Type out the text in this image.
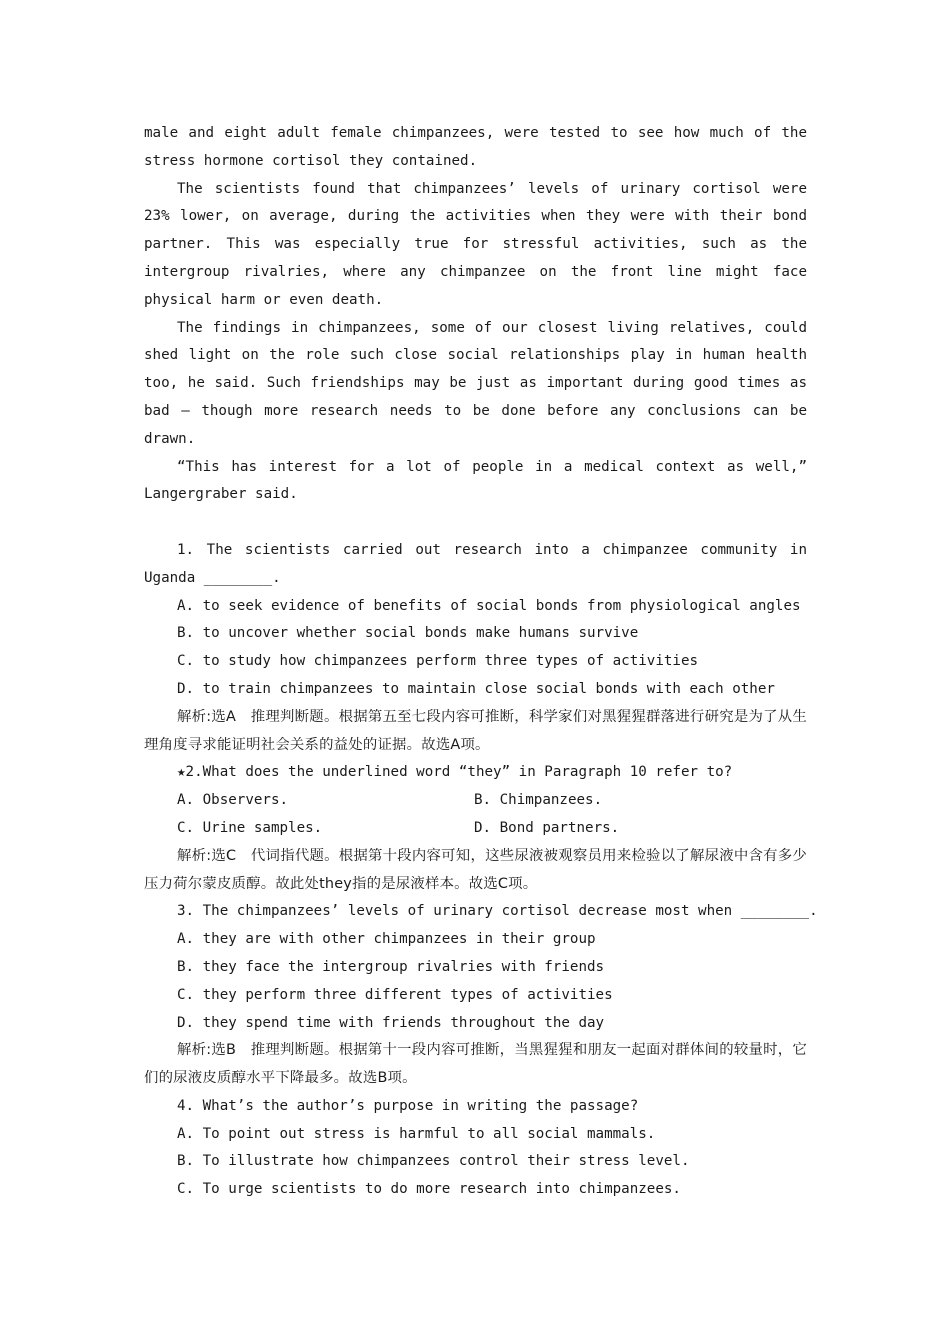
male and eight adult female chimpanzees, were tested to see how much of the stress hormone cortisol they contained.

The scientists found that chimpanzees’ levels of urinary cortisol were 23% lower, on average, during the activities when they were with their bond partner. This was especially true for stressful activities, such as the intergroup rivalries, where any chimpanzee on the front line might face physical harm or even death.

The findings in chimpanzees, some of our closest living relatives, could shed light on the role such close social relationships play in human health too, he said. Such friendships may be just as important during good times as bad — though more research needs to be done before any conclusions can be drawn.

“This has interest for a lot of people in a medical context as well,” Langergraber said.

1. The scientists carried out research into a chimpanzee community in Uganda ________.

A. to seek evidence of benefits of social bonds from physiological angles

B. to uncover whether social bonds make humans survive

C. to study how chimpanzees perform three types of activities

D. to train chimpanzees to maintain close social bonds with each other

解析:选A　推理判断题。根据第五至七段内容可推断，科学家们对黑猩猩群落进行研究是为了从生理角度寻求能证明社会关系的益处的证据。故选A项。

★2.What does the underlined word “they” in Paragraph 10 refer to?

A. Observers.	B. Chimpanzees.
C. Urine samples.	D. Bond partners.

解析:选C　代词指代题。根据第十段内容可知，这些尿液被观察员用来检验以了解尿液中含有多少压力荷尔蒙皮质醇。故此处they指的是尿液样本。故选C项。

3. The chimpanzees’ levels of urinary cortisol decrease most when ________.

A. they are with other chimpanzees in their group

B. they face the intergroup rivalries with friends

C. they perform three different types of activities

D. they spend time with friends throughout the day

解析:选B　推理判断题。根据第十一段内容可推断，当黑猩猩和朋友一起面对群体间的较量时，它们的尿液皮质醇水平下降最多。故选B项。

4. What’s the author’s purpose in writing the passage?

A. To point out stress is harmful to all social mammals.

B. To illustrate how chimpanzees control their stress level.

C. To urge scientists to do more research into chimpanzees.
